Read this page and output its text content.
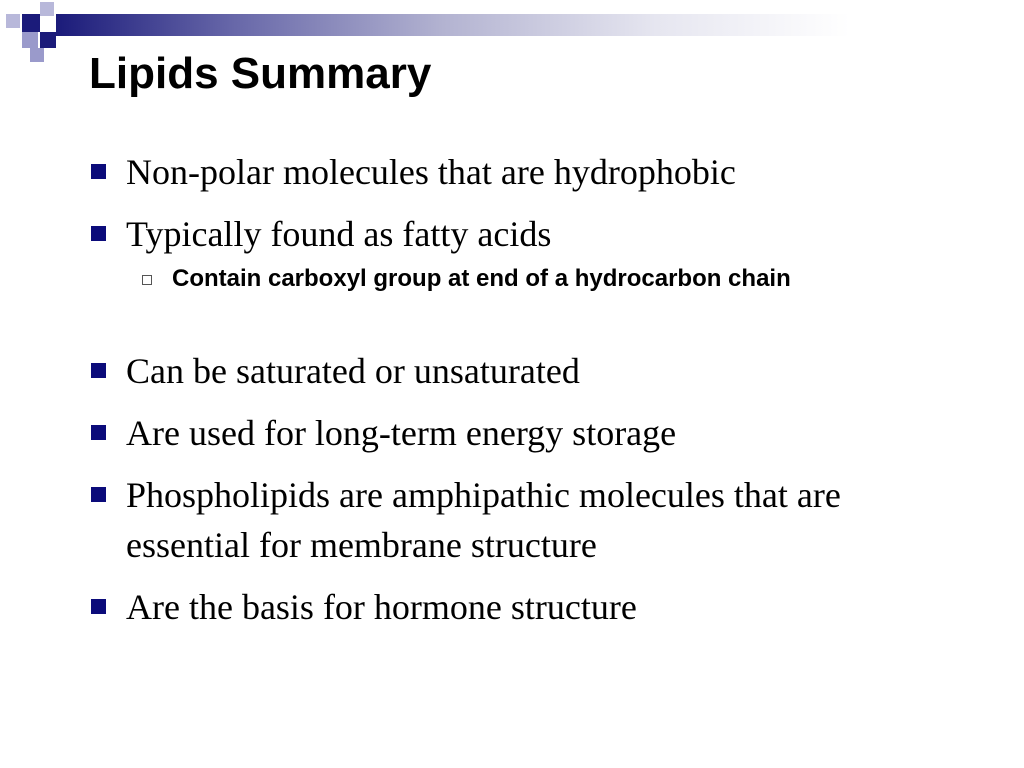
Lipids Summary
Non-polar molecules that are hydrophobic
Typically found as fatty acids
Contain carboxyl group at end of a hydrocarbon chain
Can be saturated or unsaturated
Are used for long-term energy storage
Phospholipids are amphipathic molecules that are essential for membrane structure
Are the basis for hormone structure
